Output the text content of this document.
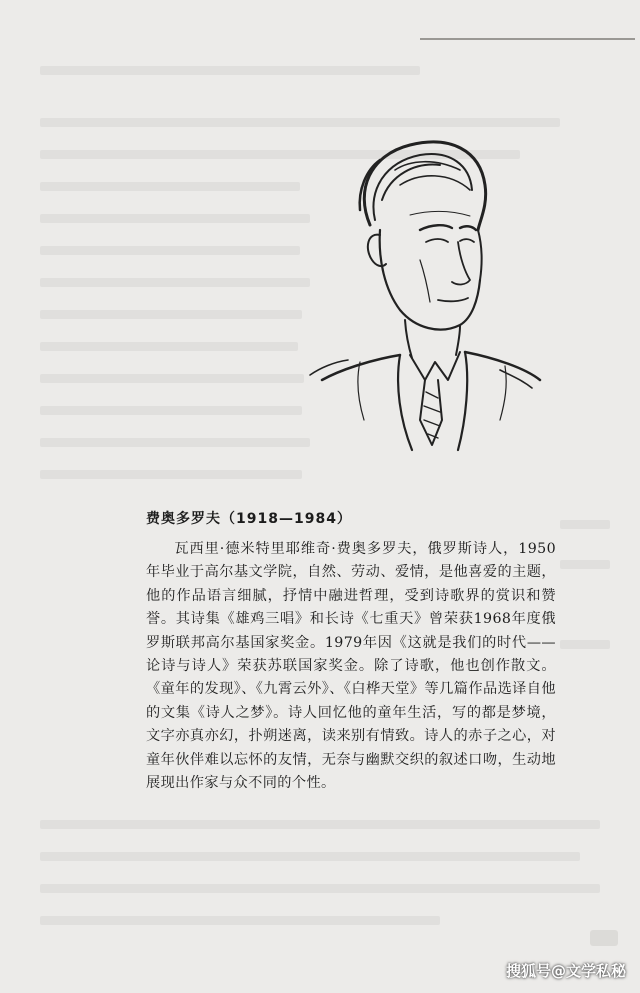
费奥多罗夫（1918—1984）

瓦西里·德米特里耶维奇·费奥多罗夫，俄罗斯诗人，1950年毕业于高尔基文学院，自然、劳动、爱情，是他喜爱的主题，他的作品语言细腻，抒情中融进哲理，受到诗歌界的赏识和赞誉。其诗集《雄鸡三唱》和长诗《七重天》曾荣获1968年度俄罗斯联邦高尔基国家奖金。1979年因《这就是我们的时代——论诗与诗人》荣获苏联国家奖金。除了诗歌，他也创作散文。《童年的发现》、《九霄云外》、《白桦天堂》等几篇作品选译自他的文集《诗人之梦》。诗人回忆他的童年生活，写的都是梦境，文字亦真亦幻，扑朔迷离，读来别有情致。诗人的赤子之心，对童年伙伴难以忘怀的友情，无奈与幽默交织的叙述口吻，生动地展现出作家与众不同的个性。

搜狐号@文学私秘
